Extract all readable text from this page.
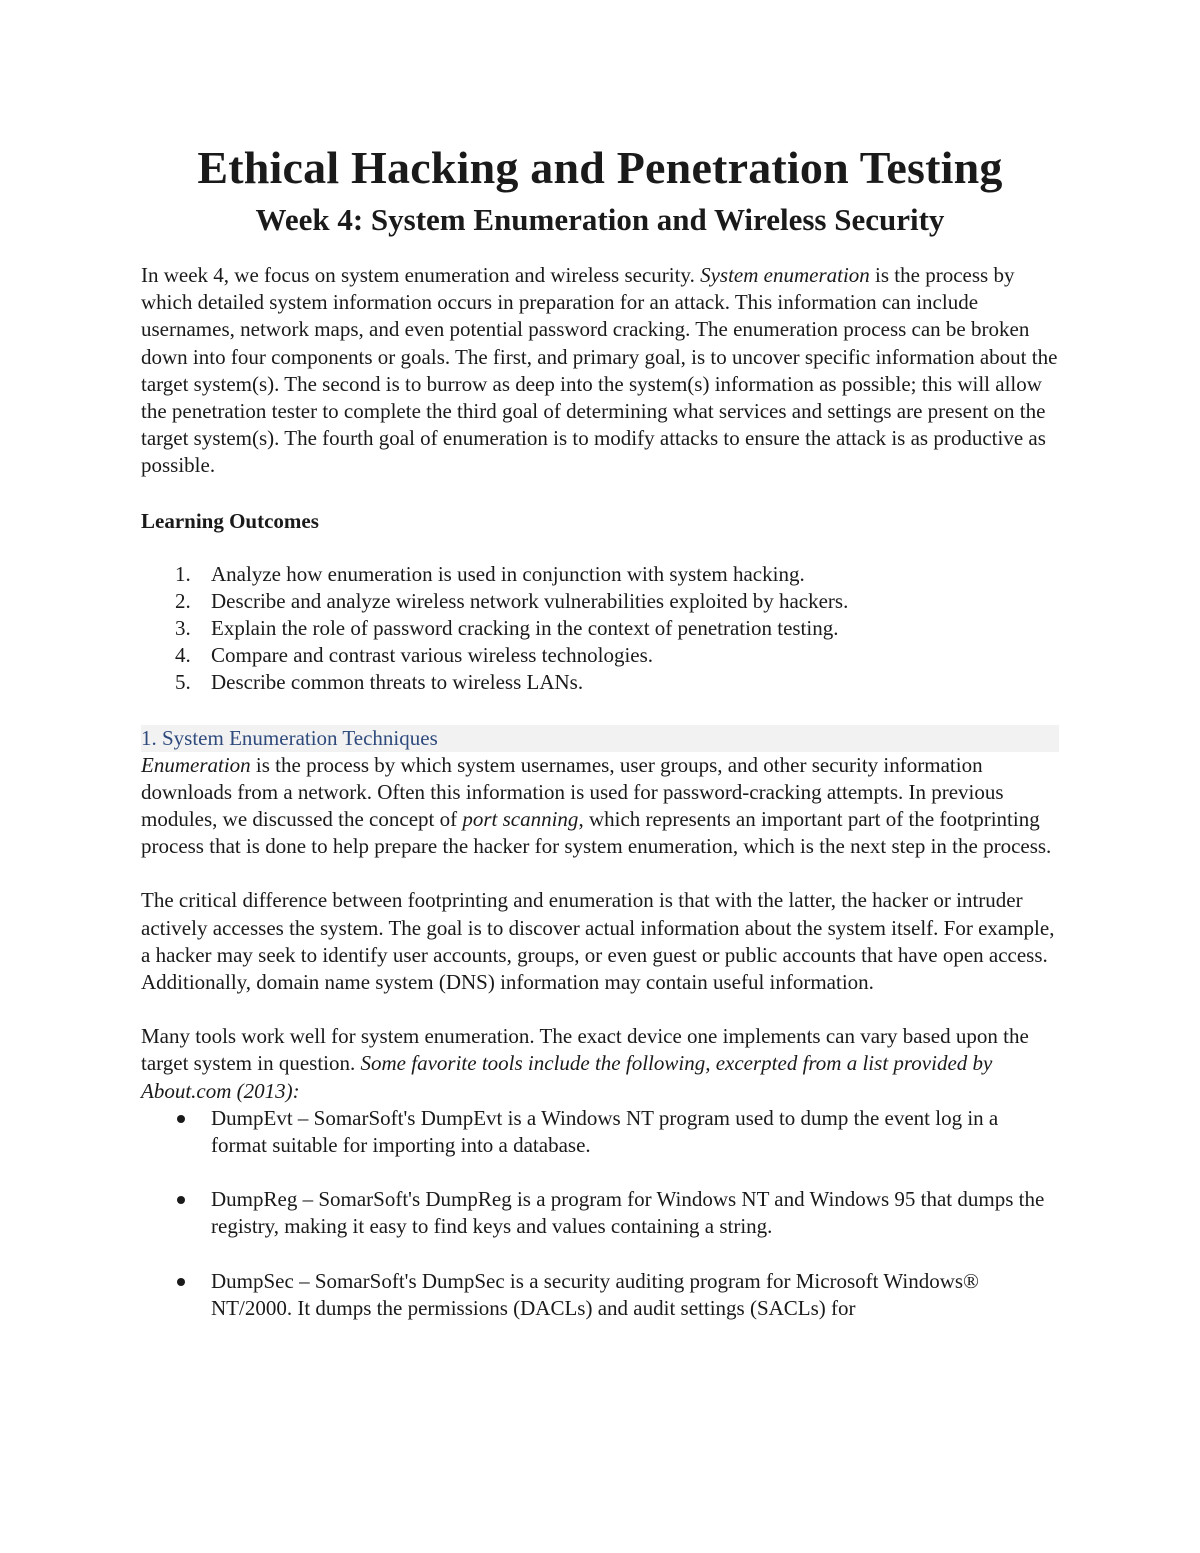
Ethical Hacking and Penetration Testing
Week 4: System Enumeration and Wireless Security

In week 4, we focus on system enumeration and wireless security. System enumeration is the process by which detailed system information occurs in preparation for an attack. This information can include usernames, network maps, and even potential password cracking. The enumeration process can be broken down into four components or goals. The first, and primary goal, is to uncover specific information about the target system(s). The second is to burrow as deep into the system(s) information as possible; this will allow the penetration tester to complete the third goal of determining what services and settings are present on the target system(s). The fourth goal of enumeration is to modify attacks to ensure the attack is as productive as possible.

Learning Outcomes

1. Analyze how enumeration is used in conjunction with system hacking.
2. Describe and analyze wireless network vulnerabilities exploited by hackers.
3. Explain the role of password cracking in the context of penetration testing.
4. Compare and contrast various wireless technologies.
5. Describe common threats to wireless LANs.
1. System Enumeration Techniques

Enumeration is the process by which system usernames, user groups, and other security information downloads from a network. Often this information is used for password-cracking attempts. In previous modules, we discussed the concept of port scanning, which represents an important part of the footprinting process that is done to help prepare the hacker for system enumeration, which is the next step in the process.

The critical difference between footprinting and enumeration is that with the latter, the hacker or intruder actively accesses the system. The goal is to discover actual information about the system itself. For example, a hacker may seek to identify user accounts, groups, or even guest or public accounts that have open access. Additionally, domain name system (DNS) information may contain useful information.

Many tools work well for system enumeration. The exact device one implements can vary based upon the target system in question. Some favorite tools include the following, excerpted from a list provided by About.com (2013):

DumpEvt – SomarSoft's DumpEvt is a Windows NT program used to dump the event log in a format suitable for importing into a database.
DumpReg – SomarSoft's DumpReg is a program for Windows NT and Windows 95 that dumps the registry, making it easy to find keys and values containing a string.
DumpSec – SomarSoft's DumpSec is a security auditing program for Microsoft Windows® NT/2000. It dumps the permissions (DACLs) and audit settings (SACLs) for
